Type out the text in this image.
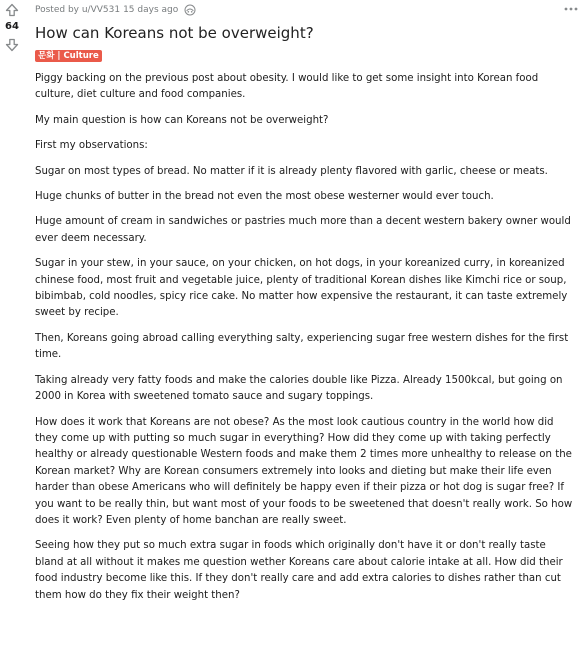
64
Posted by u/VV531 15 days ago
How can Koreans not be overweight?
문화 | Culture

Piggy backing on the previous post about obesity. I would like to get some insight into Korean food culture, diet culture and food companies.

My main question is how can Koreans not be overweight?

First my observations:

Sugar on most types of bread. No matter if it is already plenty flavored with garlic, cheese or meats.

Huge chunks of butter in the bread not even the most obese westerner would ever touch.

Huge amount of cream in sandwiches or pastries much more than a decent western bakery owner would ever deem necessary.

Sugar in your stew, in your sauce, on your chicken, on hot dogs, in your koreanized curry, in koreanized chinese food, most fruit and vegetable juice, plenty of traditional Korean dishes like Kimchi rice or soup, bibimbab, cold noodles, spicy rice cake. No matter how expensive the restaurant, it can taste extremely sweet by recipe.

Then, Koreans going abroad calling everything salty, experiencing sugar free western dishes for the first time.

Taking already very fatty foods and make the calories double like Pizza. Already 1500kcal, but going on 2000 in Korea with sweetened tomato sauce and sugary toppings.

How does it work that Koreans are not obese? As the most look cautious country in the world how did they come up with putting so much sugar in everything? How did they come up with taking perfectly healthy or already questionable Western foods and make them 2 times more unhealthy to release on the Korean market? Why are Korean consumers extremely into looks and dieting but make their life even harder than obese Americans who will definitely be happy even if their pizza or hot dog is sugar free? If you want to be really thin, but want most of your foods to be sweetened that doesn't really work. So how does it work? Even plenty of home banchan are really sweet.

Seeing how they put so much extra sugar in foods which originally don't have it or don't really taste bland at all without it makes me question wether Koreans care about calorie intake at all. How did their food industry become like this. If they don't really care and add extra calories to dishes rather than cut them how do they fix their weight then?
